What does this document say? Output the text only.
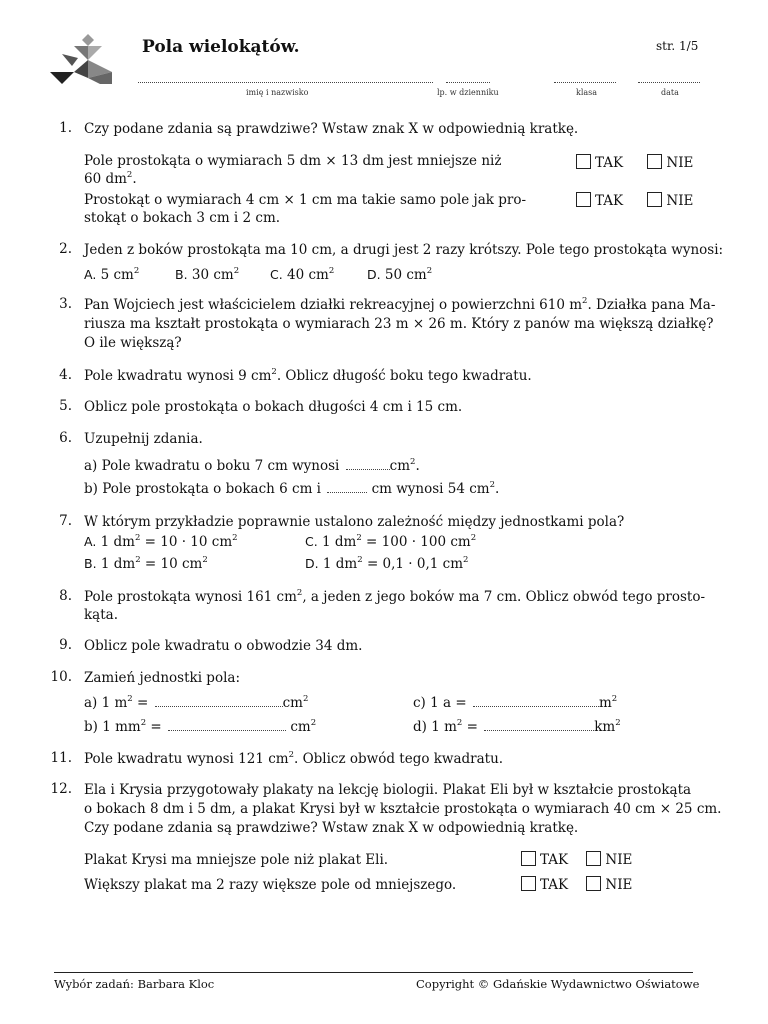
Pola wielokątów.	str. 1/5
imię i nazwisko	lp. w dzienniku	klasa	data
1. Czy podane zdania są prawdziwe? Wstaw znak X w odpowiednią kratkę.
Pole prostokąta o wymiarach 5 dm × 13 dm jest mniejsze niż
60 $dm^2$.
TAK	NIE
Prostokąt o wymiarach 4 cm × 1 cm ma takie samo pole jak pro-
stokąt o bokach 3 cm i 2 cm.
TAK	NIE
2. Jeden z boków prostokąta ma 10 cm, a drugi jest 2 razy krótszy. Pole tego prostokąta wynosi:
A. 5 $cm^2$	B. 30 $cm^2$ C. 40 $cm^2$	D. 50 $cm^2$
3. Pan Wojciech jest właścicielem działki rekreacyjnej o powierzchni 610 $m^2$. Działka pana Ma-
riusza ma kształt prostokąta o wymiarach 23 m × 26 m. Który z panów ma większą działkę?
O ile większą?
4. Pole kwadratu wynosi 9 $cm^2$. Oblicz długość boku tego kwadratu.
5. Oblicz pole prostokąta o bokach długości 4 cm i 15 cm.
6. Uzupełnij zdania.
a) Pole kwadratu o boku 7 cm wynosi	$cm^2$.
b) Pole prostokąta o bokach 6 cm i	cm wynosi 54 $cm^2$.
7. W którym przykładzie poprawnie ustalono zależność między jednostkami pola?
A. 1 $dm^2 = 10 \cdot 10$ $cm^2$
B. 1 $dm^2 = 10$ $cm^2$
C. 1 $dm^2 = 100 \cdot 100$ $cm^2$
D. 1 $dm^2 = 0,1 \cdot 0,1$ $cm^2$
8. Pole prostokąta wynosi 161 $cm^2$, a jeden z jego boków ma 7 cm. Oblicz obwód tego prosto-
kąta.
9. Oblicz pole kwadratu o obwodzie 34 dm.
10. Zamień jednostki pola:
a) 1 $m^2$ =	$cm^2$
b) 1 $mm^2$ =	$cm^2$
c) 1 a =	$m^2$
d) 1 $m^2$ =	$km^2$
11. Pole kwadratu wynosi 121 $cm^2$. Oblicz obwód tego kwadratu.
12. Ela i Krysia przygotowały plakaty na lekcję biologii. Plakat Eli był w kształcie prostokąta
o bokach 8 dm i 5 dm, a plakat Krysi był w kształcie prostokąta o wymiarach 40 cm × 25 cm.
Czy podane zdania są prawdziwe? Wstaw znak X w odpowiednią kratkę.
Plakat Krysi ma mniejsze pole niż plakat Eli.	TAK	NIE
Większy plakat ma 2 razy większe pole od mniejszego.	TAK	NIE
Wybór zadań: Barbara Kloc	Copyright © Gdańskie Wydawnictwo Oświatowe
